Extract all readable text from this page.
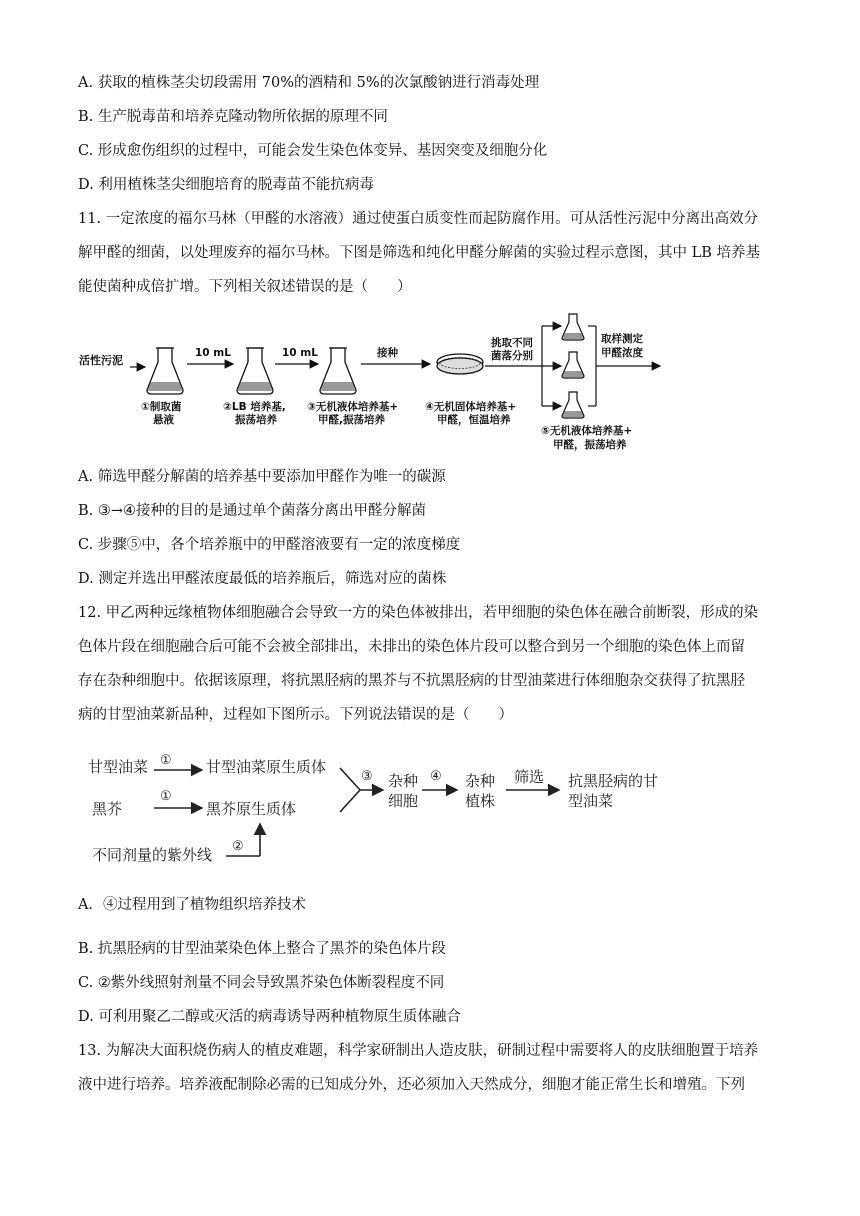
A. 获取的植株茎尖切段需用 70%的酒精和 5%的次氯酸钠进行消毒处理
B. 生产脱毒苗和培养克隆动物所依据的原理不同
C. 形成愈伤组织的过程中，可能会发生染色体变异、基因突变及细胞分化
D. 利用植株茎尖细胞培育的脱毒苗不能抗病毒
11. 一定浓度的福尔马林（甲醛的水溶液）通过使蛋白质变性而起防腐作用。可从活性污泥中分离出高效分
解甲醛的细菌，以处理废弃的福尔马林。下图是筛选和纯化甲醛分解菌的实验过程示意图，其中 LB 培养基
能使菌种成倍扩增。下列相关叙述错误的是（　　）
活性污泥
①制取菌
悬液
10 mL
②LB 培养基,
振荡培养
10 mL
③无机液体培养基+
甲醛,振荡培养
接种
④无机固体培养基+
甲醛，恒温培养
挑取不同
菌落分别
取样测定
甲醛浓度
⑤无机液体培养基+
甲醛，振荡培养
A. 筛选甲醛分解菌的培养基中要添加甲醛作为唯一的碳源
B. ③→④接种的目的是通过单个菌落分离出甲醛分解菌
C. 步骤⑤中，各个培养瓶中的甲醛溶液要有一定的浓度梯度
D. 测定并选出甲醛浓度最低的培养瓶后，筛选对应的菌株
12. 甲乙两种远缘植物体细胞融合会导致一方的染色体被排出，若甲细胞的染色体在融合前断裂，形成的染
色体片段在细胞融合后可能不会被全部排出，未排出的染色体片段可以整合到另一个细胞的染色体上而留
存在杂种细胞中。依据该原理，将抗黑胫病的黑芥与不抗黑胫病的甘型油菜进行体细胞杂交获得了抗黑胫
病的甘型油菜新品种，过程如下图所示。下列说法错误的是（　　）
甘型油菜 ① 甘型油菜原生质体
黑芥
①
黑芥原生质体
不同剂量的紫外线 ②
③ 杂种
细胞
④ 杂种
植株
筛选 抗黑胫病的甘
型油菜
A．④过程用到了植物组织培养技术
B. 抗黑胫病的甘型油菜染色体上整合了黑芥的染色体片段
C. ②紫外线照射剂量不同会导致黑芥染色体断裂程度不同
D. 可利用聚乙二醇或灭活的病毒诱导两种植物原生质体融合
13. 为解决大面积烧伤病人的植皮难题，科学家研制出人造皮肤，研制过程中需要将人的皮肤细胞置于培养
液中进行培养。培养液配制除必需的已知成分外，还必须加入天然成分，细胞才能正常生长和增殖。下列
